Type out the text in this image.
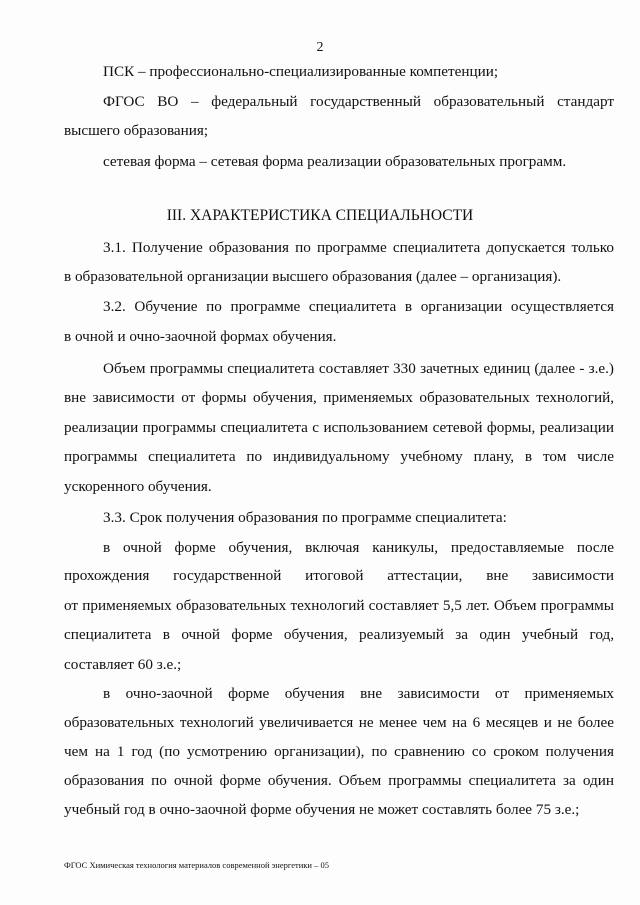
2
ПСК – профессионально-специализированные компетенции;
ФГОС ВО – федеральный государственный образовательный стандарт
высшего образования;
сетевая форма – сетевая форма реализации образовательных программ.
III. ХАРАКТЕРИСТИКА СПЕЦИАЛЬНОСТИ
3.1. Получение образования по программе специалитета допускается только
в образовательной организации высшего образования (далее – организация).
3.2. Обучение по программе специалитета в организации осуществляется
в очной и очно-заочной формах обучения.
Объем программы специалитета составляет 330 зачетных единиц (далее - з.е.)
вне зависимости от формы обучения, применяемых образовательных технологий,
реализации программы специалитета с использованием сетевой формы, реализации
программы специалитета по индивидуальному учебному плану, в том числе
ускоренного обучения.
3.3. Срок получения образования по программе специалитета:
в очной форме обучения, включая каникулы, предоставляемые после
прохождения государственной итоговой аттестации, вне зависимости
от применяемых образовательных технологий составляет 5,5 лет. Объем программы
специалитета в очной форме обучения, реализуемый за один учебный год,
составляет 60 з.е.;
в очно-заочной форме обучения вне зависимости от применяемых
образовательных технологий увеличивается не менее чем на 6 месяцев и не более
чем на 1 год (по усмотрению организации), по сравнению со сроком получения
образования по очной форме обучения. Объем программы специалитета за один
учебный год в очно-заочной форме обучения не может составлять более 75 з.е.;
ФГОС Химическая технология материалов современной энергетики – 05
